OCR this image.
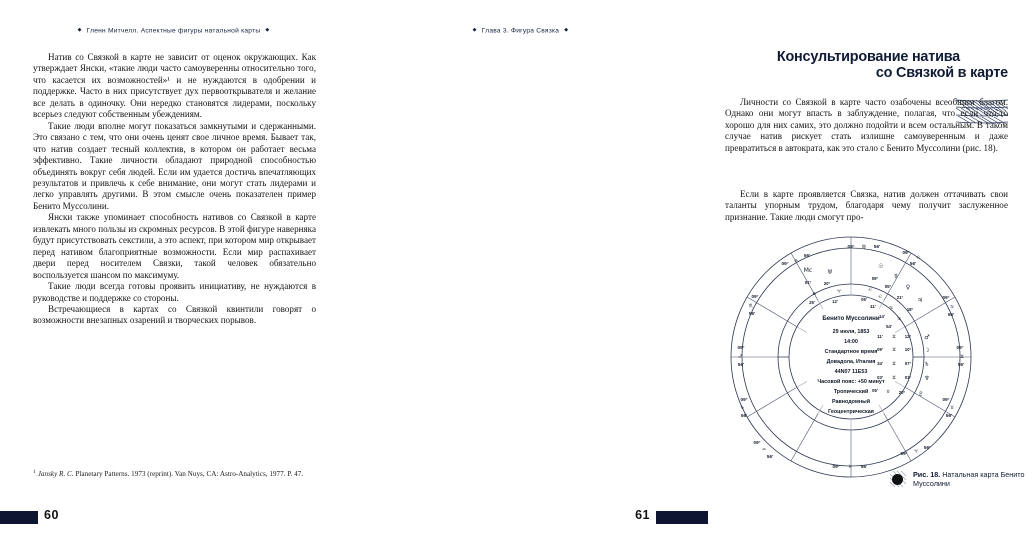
◆ Гленн Митчелл. Аспектные фигуры натальной карты ◆

Натив со Связкой в карте не зависит от оценок окружающих. Как утверждает Янски, «такие люди часто самоуверенны относительно того, что касается их возможностей»¹ и не нуждаются в одобрении и поддержке. Часто в них присутствует дух первооткрывателя и желание все делать в одиночку. Они нередко становятся лидерами, поскольку всерьез следуют собственным убеждениям.

Такие люди вполне могут показаться замкнутыми и сдержанными. Это связано с тем, что они очень ценят свое личное время. Бывает так, что натив создает тесный коллектив, в котором он работает весьма эффективно. Такие личности обладают природной способностью объединять вокруг себя людей. Если им удается достичь впечатляющих результатов и привлечь к себе внимание, они могут стать лидерами и легко управлять другими. В этом смысле очень показателен пример Бенито Муссолини.

Янски также упоминает способность нативов со Связкой в карте извлекать много пользы из скромных ресурсов. В этой фигуре наверняка будут присутствовать секстили, а это аспект, при котором мир открывает перед нативом благоприятные возможности. Если мир распахивает двери перед носителем Связки, такой человек обязательно воспользуется шансом по максимуму.

Такие люди всегда готовы проявить инициативу, не нуждаются в руководстве и поддержке со стороны.

Встречающиеся в картах со Связкой квинтили говорят о возможности внезапных озарений и творческих порывов.

$^1$ Jansky R. C. Planetary Patterns. 1973 (reprint). Van Nuys, CA: Astro-Analytics, 1977. P. 47.
60
◆ Глава 3. Фигура Связка ◆
Консультирование натива
со Связкой в карте

Личности со Связкой в карте часто озабочены всеобщим благом. Однако они могут впасть в заблуждение, полагая, что если что-то хорошо для них самих, это должно подойти и всем остальным. В таком случае натив рискует стать излишне самоуверенным и даже превратиться в автократа, как это стало с Бенито Муссолини (рис. 18).

Если в карте проявляется Связка, натив должен оттачивать свои таланты упорным трудом, благодаря чему получит заслуженное признание. Такие люди смогут про-

09° ♍ 56'
09°
♌
56'
09°
♋
56'
09°
♊
56'
09°
♉
56'
09° ♈
56'
09° ♓ 56'
09°
♒
56'
09°
♑
56'
09°
♐
56'
09°
♏
56'
09° ♎
56'
♅
20°
♈
12'
Mc
01°
♎
25'
☉
09°
♌
05'
☿
05°
♌
41'
♀
21°
♋
14'
♃
18°
♋
54'
♂
12°
♊
11'
☽
10°
♊
09'
♄
07°
♊
34'
♆
01°
♊
03'
♇
20°
♉
05'
Бенито Муссолини
29 июля, 1853
14:00
Стандартное время
Довадола, Италия
44N07 11E53
Часовой пояс: +50 минут
Тропический
Равнодомный
Геоцентрическая
Рис. 18. Натальная карта Бенито Муссолини
61
